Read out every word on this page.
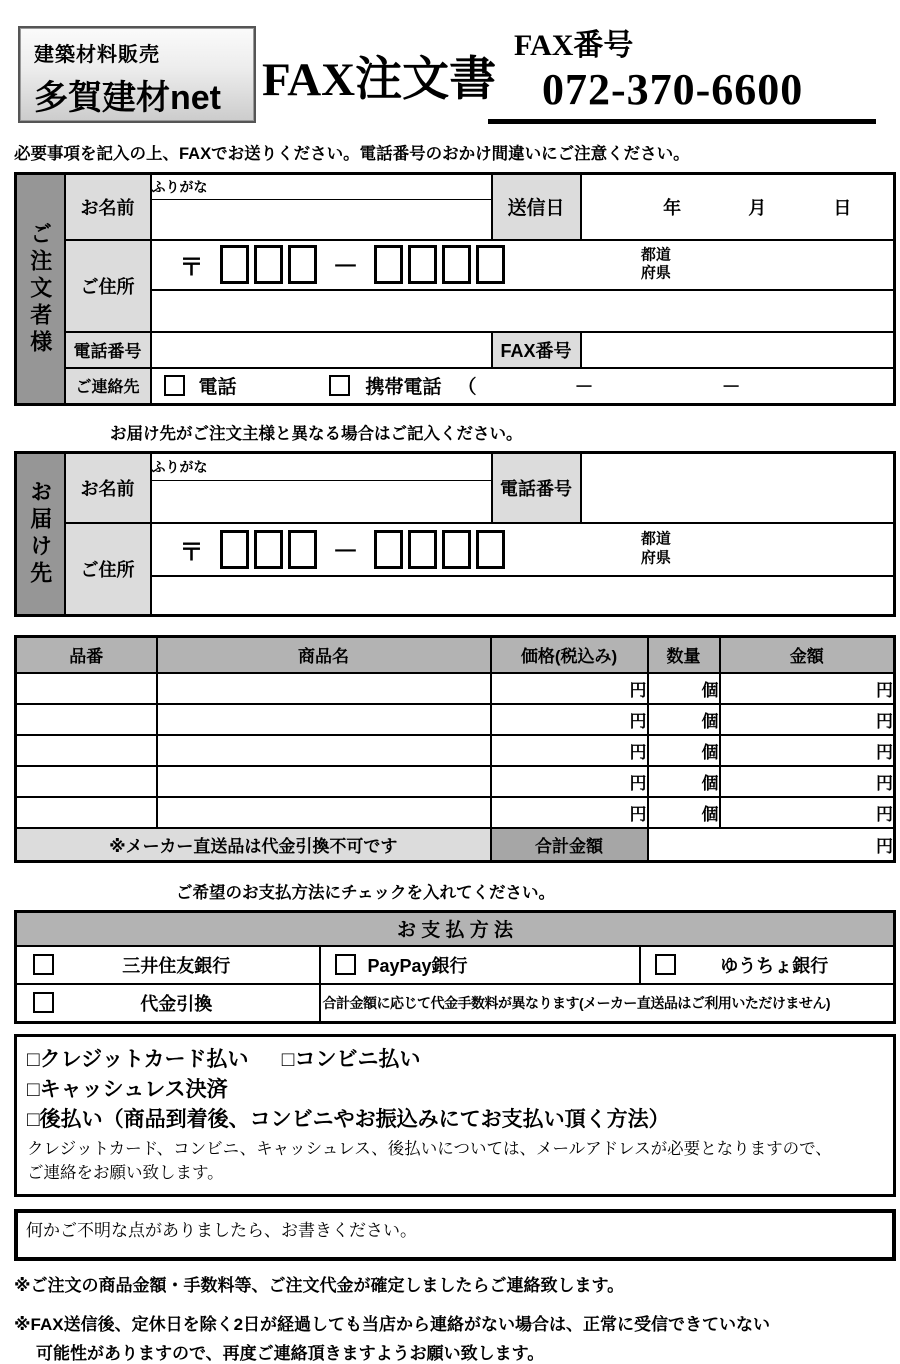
建築材料販売
多賀建材net FAX注文書
FAX番号
072-370-6600
必要事項を記入の上、FAXでお送りください。電話番号のおかけ間違いにご注意ください。
ご注文者様	お名前	ふりがな	送信日	年 月 日

	ご住所	〒 － 都道
府県		

	電話番号		FAX番号	
	ご連絡先	電話 携帯電話 （ － －		
お届け先がご注文主様と異なる場合はご記入ください。
お届け先	お名前	ふりがな	電話番号	

	ご住所	〒 － 都道
府県		

品番	商品名	価格(税込み)	数量	金額
		円	個	円
		円	個	円
		円	個	円
		円	個	円
		円	個	円
※メーカー直送品は代金引換不可です		合計金額	円	
ご希望のお支払方法にチェックを入れてください。
お 支 払 方 法		

三井住友銀行	PayPay銀行	ゆうちょ銀行

代金引換	合計金額に応じて代金手数料が異なります(メーカー直送品はご利用いただけません)	
□クレジットカード払い □コンビニ払い
□キャッシュレス決済
□後払い（商品到着後、コンビニやお振込みにてお支払い頂く方法）
クレジットカード、コンビニ、キャッシュレス、後払いについては、メールアドレスが必要となりますので、
ご連絡をお願い致します。
何かご不明な点がありましたら、お書きください。
※ご注文の商品金額・手数料等、ご注文代金が確定しましたらご連絡致します。
※FAX送信後、定休日を除く2日が経過しても当店から連絡がない場合は、正常に受信できていない
可能性がありますので、再度ご連絡頂きますようお願い致します。
